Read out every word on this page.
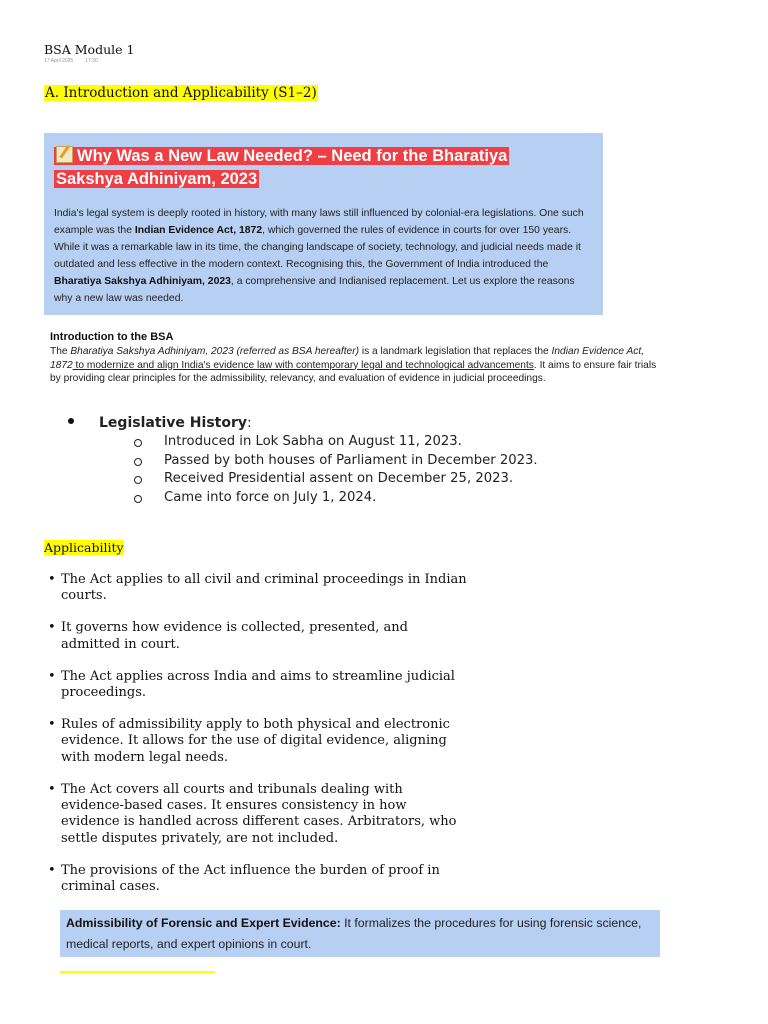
BSA Module 1
17 April 2025 17:30
A. Introduction and Applicability (S1–2)
Why Was a New Law Needed? – Need for the Bharatiya Sakshya Adhiniyam, 2023

India's legal system is deeply rooted in history, with many laws still influenced by colonial-era legislations. One such example was the Indian Evidence Act, 1872, which governed the rules of evidence in courts for over 150 years. While it was a remarkable law in its time, the changing landscape of society, technology, and judicial needs made it outdated and less effective in the modern context. Recognising this, the Government of India introduced the Bharatiya Sakshya Adhiniyam, 2023, a comprehensive and Indianised replacement. Let us explore the reasons why a new law was needed.

Introduction to the BSA
The Bharatiya Sakshya Adhiniyam, 2023 (referred as BSA hereafter) is a landmark legislation that replaces the Indian Evidence Act, 1872 to modernize and align India's evidence law with contemporary legal and technological advancements. It aims to ensure fair trials by providing clear principles for the admissibility, relevancy, and evaluation of evidence in judicial proceedings.
Legislative History:
Introduced in Lok Sabha on August 11, 2023.
Passed by both houses of Parliament in December 2023.
Received Presidential assent on December 25, 2023.
Came into force on July 1, 2024.
Applicability
• The Act applies to all civil and criminal proceedings in Indian courts.
• It governs how evidence is collected, presented, and admitted in court.
• The Act applies across India and aims to streamline judicial proceedings.
• Rules of admissibility apply to both physical and electronic evidence. It allows for the use of digital evidence, aligning with modern legal needs.
• The Act covers all courts and tribunals dealing with evidence-based cases. It ensures consistency in how evidence is handled across different cases. Arbitrators, who settle disputes privately, are not included.
• The provisions of the Act influence the burden of proof in criminal cases.
Admissibility of Forensic and Expert Evidence: It formalizes the procedures for using forensic science, medical reports, and expert opinions in court.
